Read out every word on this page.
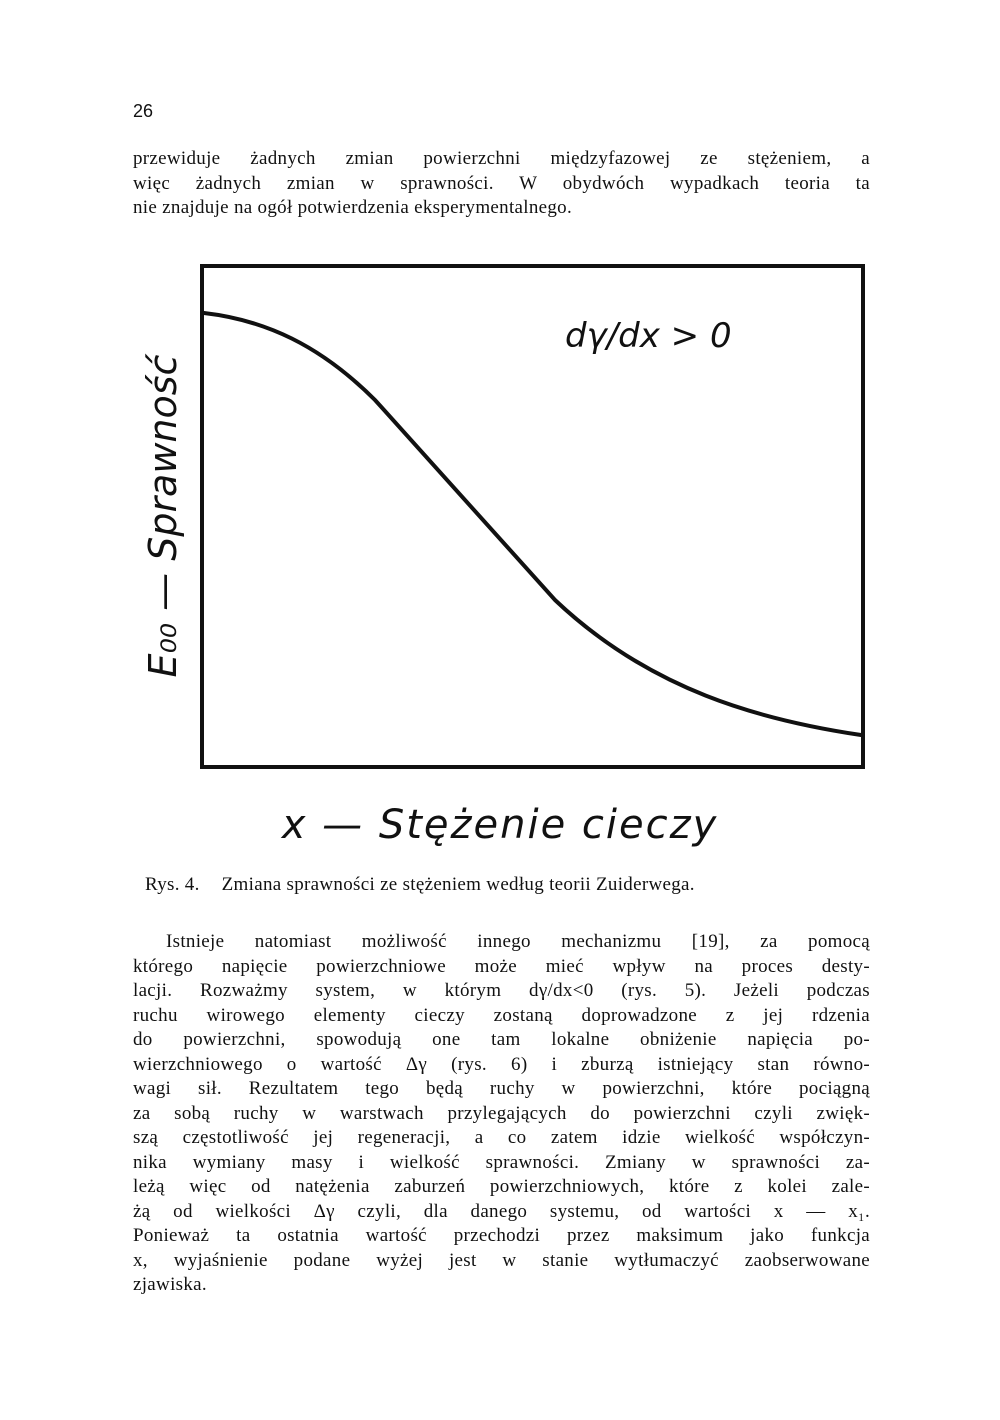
26
przewiduje żadnych zmian powierzchni międzyfazowej ze stężeniem, a
więc żadnych zmian w sprawności. W obydwóch wypadkach teoria ta
nie znajduje na ogół potwierdzenia eksperymentalnego.
dγ/dx > 0
E₀₀ — Sprawność
x — Stężenie cieczy
Rys. 4. Zmiana sprawności ze stężeniem według teorii Zuiderwega.
Istnieje natomiast możliwość innego mechanizmu [19], za pomocą
którego napięcie powierzchniowe może mieć wpływ na proces desty-
lacji. Rozważmy system, w którym dγ/dx<0 (rys. 5). Jeżeli podczas
ruchu wirowego elementy cieczy zostaną doprowadzone z jej rdzenia
do powierzchni, spowodują one tam lokalne obniżenie napięcia po-
wierzchniowego o wartość Δγ (rys. 6) i zburzą istniejący stan równo-
wagi sił. Rezultatem tego będą ruchy w powierzchni, które pociągną
za sobą ruchy w warstwach przylegających do powierzchni czyli zwięk-
szą częstotliwość jej regeneracji, a co zatem idzie wielkość współczyn-
nika wymiany masy i wielkość sprawności. Zmiany w sprawności za-
leżą więc od natężenia zaburzeń powierzchniowych, które z kolei zale-
żą od wielkości Δγ czyli, dla danego systemu, od wartości x — x₁.
Ponieważ ta ostatnia wartość przechodzi przez maksimum jako funkcja
x, wyjaśnienie podane wyżej jest w stanie wytłumaczyć zaobserwowane
zjawiska.
